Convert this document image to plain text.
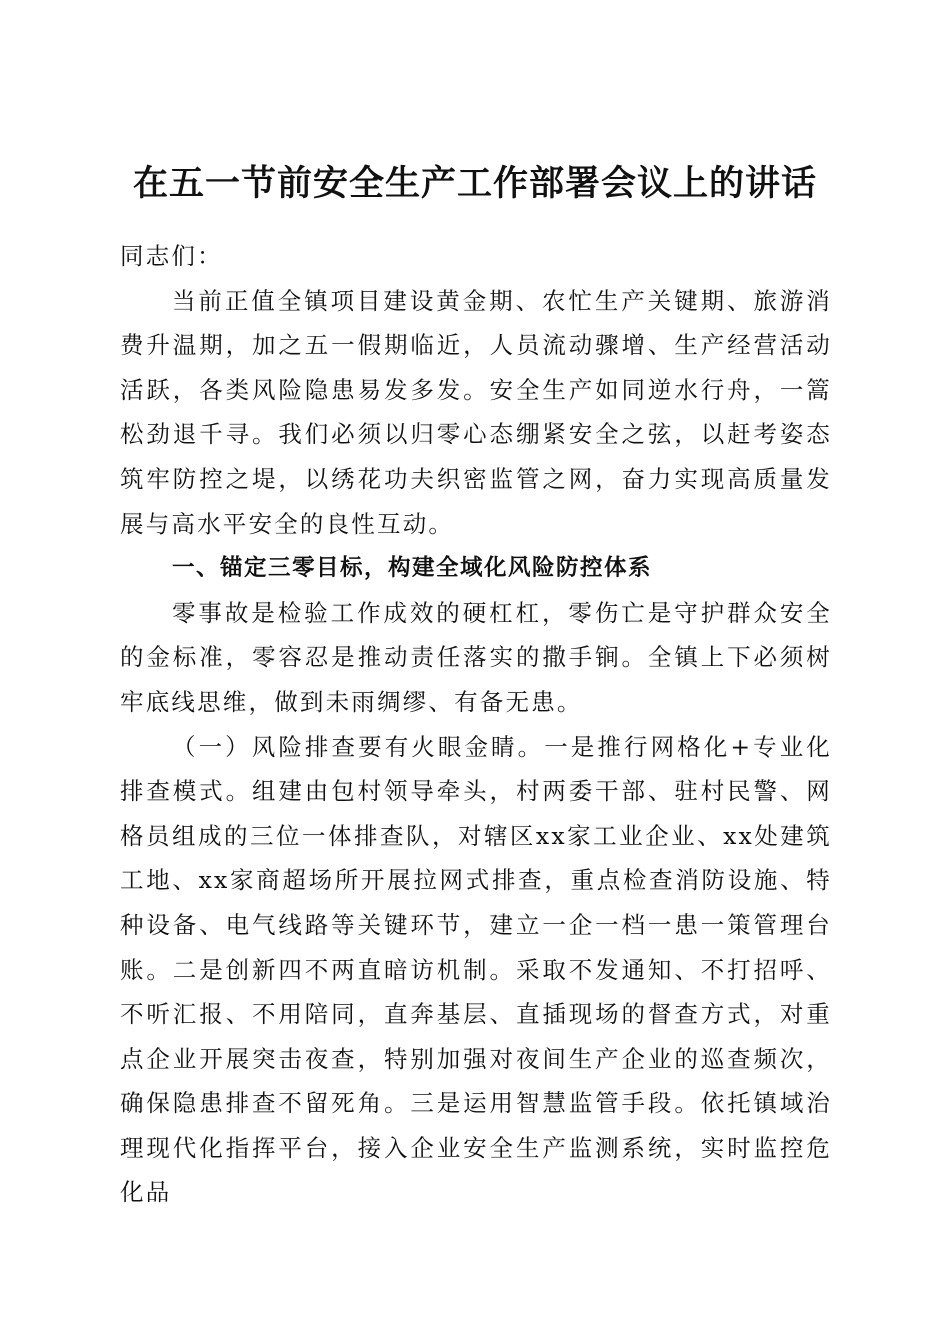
在五一节前安全生产工作部署会议上的讲话

同志们：

当前正值全镇项目建设黄金期、农忙生产关键期、旅游消费升温期，加之五一假期临近，人员流动骤增、生产经营活动活跃，各类风险隐患易发多发。安全生产如同逆水行舟，一篙松劲退千寻。我们必须以归零心态绷紧安全之弦，以赶考姿态筑牢防控之堤，以绣花功夫织密监管之网，奋力实现高质量发展与高水平安全的良性互动。

一、锚定三零目标，构建全域化风险防控体系

零事故是检验工作成效的硬杠杠，零伤亡是守护群众安全的金标准，零容忍是推动责任落实的撒手锏。全镇上下必须树牢底线思维，做到未雨绸缪、有备无患。

（一）风险排查要有火眼金睛。一是推行网格化+专业化排查模式。组建由包村领导牵头，村两委干部、驻村民警、网格员组成的三位一体排查队，对辖区xx家工业企业、xx处建筑工地、xx家商超场所开展拉网式排查，重点检查消防设施、特种设备、电气线路等关键环节，建立一企一档一患一策管理台账。二是创新四不两直暗访机制。采取不发通知、不打招呼、不听汇报、不用陪同，直奔基层、直插现场的督查方式，对重点企业开展突击夜查，特别加强对夜间生产企业的巡查频次，确保隐患排查不留死角。三是运用智慧监管手段。依托镇域治理现代化指挥平台，接入企业安全生产监测系统，实时监控危化品
